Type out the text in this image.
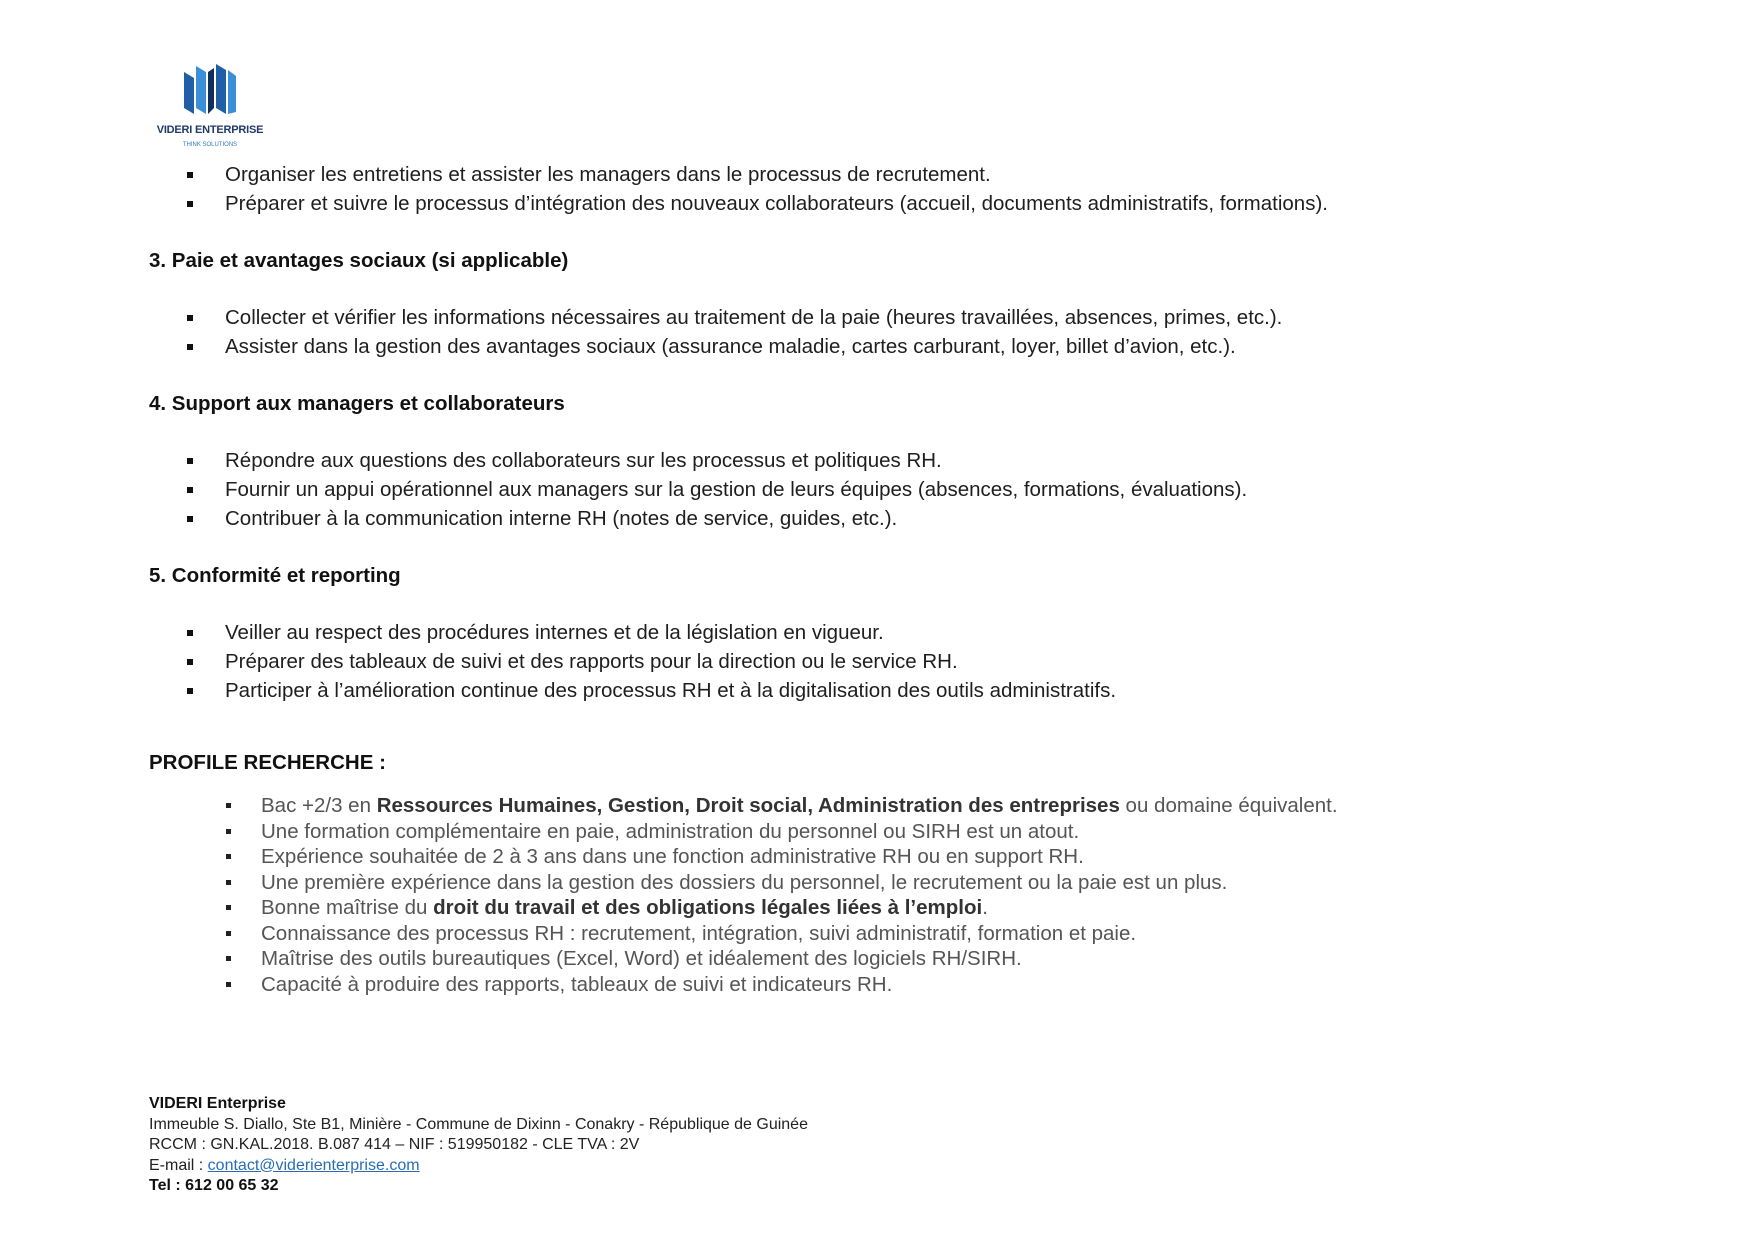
VIDERI ENTERPRISE
THINK SOLUTIONS
Organiser les entretiens et assister les managers dans le processus de recrutement.
Préparer et suivre le processus d’intégration des nouveaux collaborateurs (accueil, documents administratifs, formations).
3. Paie et avantages sociaux (si applicable)
Collecter et vérifier les informations nécessaires au traitement de la paie (heures travaillées, absences, primes, etc.).
Assister dans la gestion des avantages sociaux (assurance maladie, cartes carburant, loyer, billet d’avion, etc.).
4. Support aux managers et collaborateurs
Répondre aux questions des collaborateurs sur les processus et politiques RH.
Fournir un appui opérationnel aux managers sur la gestion de leurs équipes (absences, formations, évaluations).
Contribuer à la communication interne RH (notes de service, guides, etc.).
5. Conformité et reporting
Veiller au respect des procédures internes et de la législation en vigueur.
Préparer des tableaux de suivi et des rapports pour la direction ou le service RH.
Participer à l’amélioration continue des processus RH et à la digitalisation des outils administratifs.
PROFILE RECHERCHE :
Bac +2/3 en Ressources Humaines, Gestion, Droit social, Administration des entreprises ou domaine équivalent.
Une formation complémentaire en paie, administration du personnel ou SIRH est un atout.
Expérience souhaitée de 2 à 3 ans dans une fonction administrative RH ou en support RH.
Une première expérience dans la gestion des dossiers du personnel, le recrutement ou la paie est un plus.
Bonne maîtrise du droit du travail et des obligations légales liées à l’emploi.
Connaissance des processus RH : recrutement, intégration, suivi administratif, formation et paie.
Maîtrise des outils bureautiques (Excel, Word) et idéalement des logiciels RH/SIRH.
Capacité à produire des rapports, tableaux de suivi et indicateurs RH.
VIDERI Enterprise
Immeuble S. Diallo, Ste B1, Minière - Commune de Dixinn - Conakry - République de Guinée
RCCM : GN.KAL.2018. B.087 414 – NIF : 519950182 - CLE TVA : 2V
E-mail : contact@viderienterprise.com
Tel : 612 00 65 32
